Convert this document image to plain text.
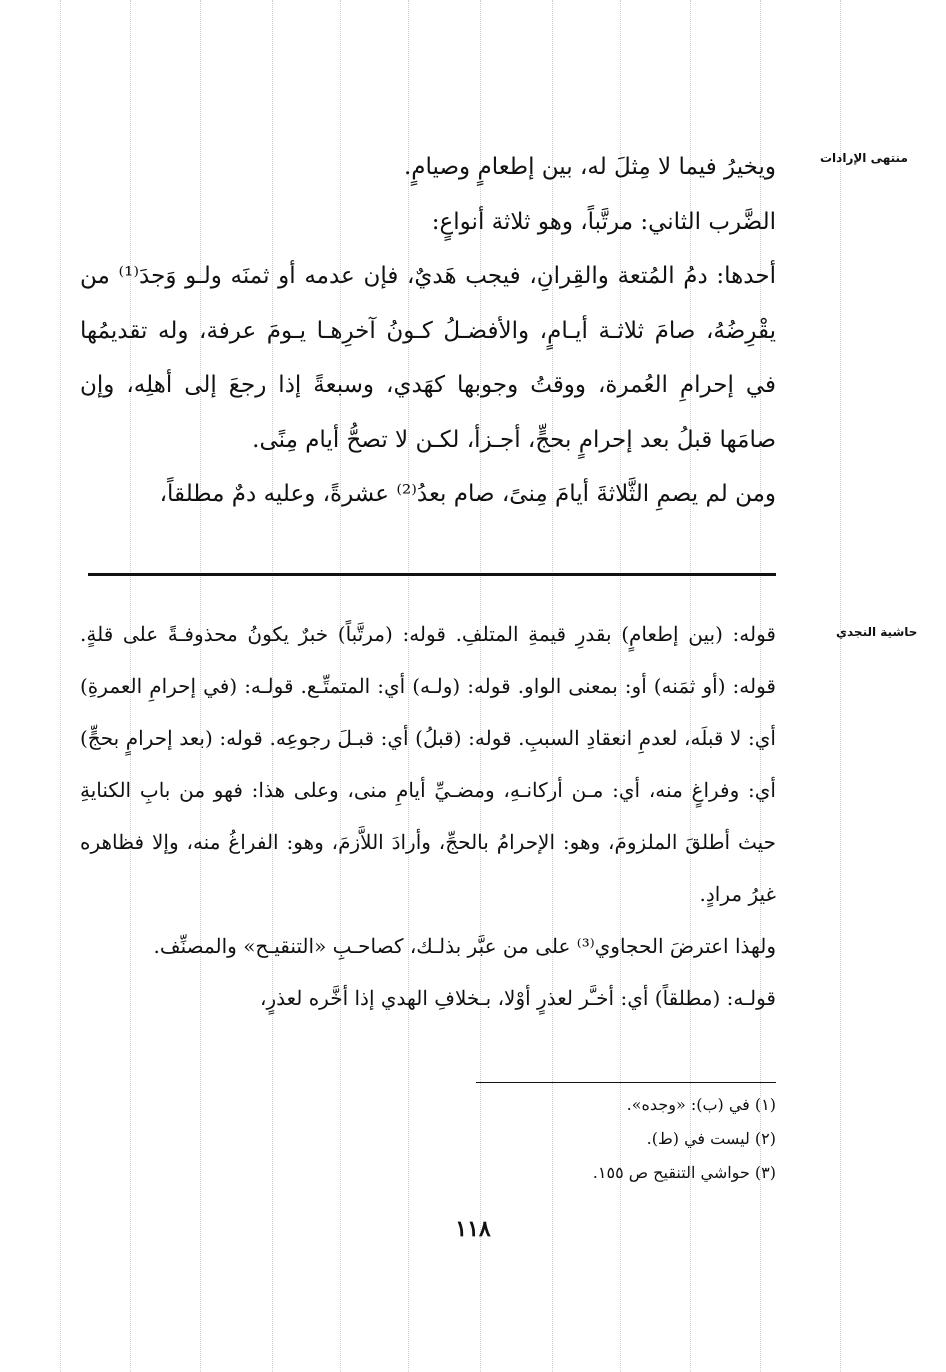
منتهى الإرادات
حاشية النجدي

ويخيرُ فيما لا مِثلَ له، بين إطعامٍ وصيامٍ.

الضَّرب الثاني: مرتَّباً، وهو ثلاثة أنواعٍ:

أحدها: دمُ المُتعة والقِرانِ، فيجب هَديٌ، فإن عدمه أو ثمنَه ولـو وَجدَ⁽¹⁾ من يقْرِضُهُ، صامَ ثلاثـة أيـامٍ، والأفضـلُ كـونُ آخرِهـا يـومَ عرفة، وله تقديمُها في إحرامِ العُمرة، ووقتُ وجوبها كهَدي، وسبعةً إذا رجعَ إلى أهلِه، وإن صامَها قبلُ بعد إحرامٍ بحجٍّ، أجـزأ، لكـن لا تصحُّ أيام مِنًى.

ومن لم يصمِ الثَّلاثةَ أيامَ مِنىً، صام بعدُ⁽²⁾ عشرةً، وعليه دمٌ مطلقاً،

قوله: (بين إطعامٍ) بقدرِ قيمةِ المتلفِ. قوله: (مرتَّباً) خبرٌ يكونُ محذوفـةً على قلةٍ. قوله: (أو ثمَنه) أو: بمعنى الواو. قوله: (ولـه) أي: المتمتِّـع. قولـه: (في إحرامِ العمرةِ) أي: لا قبلَه، لعدمِ انعقادِ السببِ. قوله: (قبلُ) أي: قبـلَ رجوعِه. قوله: (بعد إحرامٍ بحجٍّ) أي: وفراغٍ منه، أي: مـن أركانـهِ، ومضـيِّ أيامِ منى، وعلى هذا: فهو من بابِ الكنايةِ حيث أطلقَ الملزومَ، وهو: الإحرامُ بالحجِّ، وأرادَ اللاَّزمَ، وهو: الفراغُ منه، وإلا فظاهره غيرُ مرادٍ.

ولهذا اعترضَ الحجاوي⁽³⁾ على من عبَّر بذلـك، كصاحـبِ «التنقيـح» والمصنِّف.

قولـه: (مطلقاً) أي: أخـَّر لعذرٍ أوْلا، بـخلافِ الهدي إذا أخَّره لعذرٍ،

(١) في (ب): «وجده».
(٢) ليست في (ط).
(٣) حواشي التنقيح ص ١٥٥.
١١٨
